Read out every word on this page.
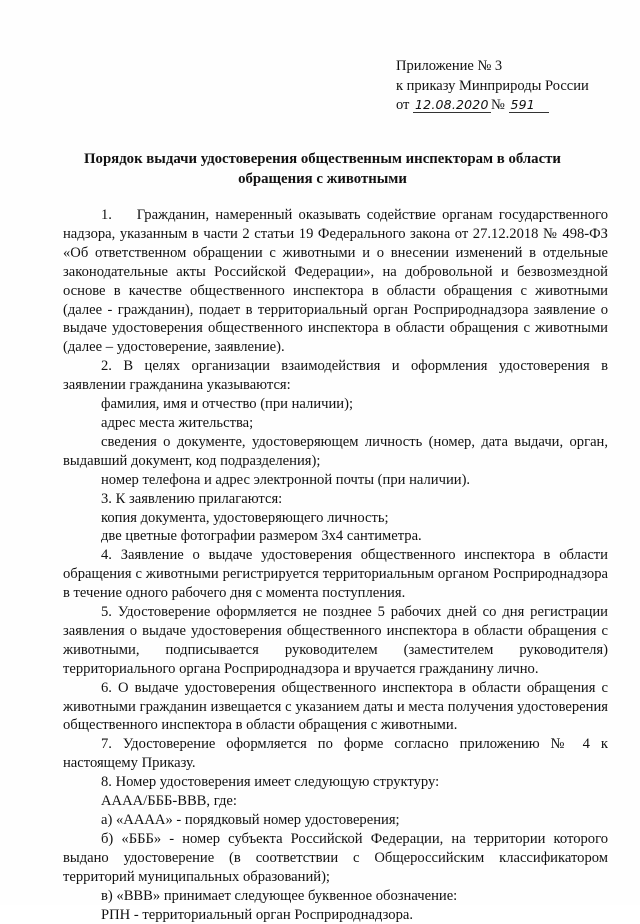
Приложение № 3
к приказу Минприроды России
от 12.08.2020 № 591
Порядок выдачи удостоверения общественным инспекторам в области
обращения с животными

1.    Гражданин, намеренный оказывать содействие органам государственного надзора, указанным в части 2 статьи 19 Федерального закона от 27.12.2018 № 498-ФЗ «Об ответственном обращении с животными и о внесении изменений в отдельные законодательные акты Российской Федерации», на добровольной и безвозмездной основе в качестве общественного инспектора в области обращения с животными (далее - гражданин), подает в территориальный орган Росприроднадзора заявление о выдаче удостоверения общественного инспектора в области обращения с животными (далее – удостоверение, заявление).

2. В целях организации взаимодействия и оформления удостоверения в заявлении гражданина указываются:

фамилия, имя и отчество (при наличии);

адрес места жительства;

сведения о документе, удостоверяющем личность (номер, дата выдачи, орган, выдавший документ, код подразделения);

номер телефона и адрес электронной почты (при наличии).

3. К заявлению прилагаются:

копия документа, удостоверяющего личность;

две цветные фотографии размером 3х4 сантиметра.

4. Заявление о выдаче удостоверения общественного инспектора в области обращения с животными регистрируется территориальным органом Росприроднадзора в течение одного рабочего дня с момента поступления.

5. Удостоверение оформляется не позднее 5 рабочих дней со дня регистрации заявления о выдаче удостоверения общественного инспектора в области обращения с животными, подписывается руководителем (заместителем руководителя) территориального органа Росприроднадзора и вручается гражданину лично.

6. О выдаче удостоверения общественного инспектора в области обращения с животными гражданин извещается с указанием даты и места получения удостоверения общественного инспектора в области обращения с животными.

7. Удостоверение оформляется по форме согласно приложению № 4 к настоящему Приказу.

8. Номер удостоверения имеет следующую структуру:

АААА/БББ-ВВВ, где:

а) «АААА» - порядковый номер удостоверения;

б) «БББ» - номер субъекта Российской Федерации, на территории которого выдано удостоверение (в соответствии с Общероссийским классификатором территорий муниципальных образований);

в) «ВВВ» принимает следующее буквенное обозначение:

РПН - территориальный орган Росприроднадзора.
